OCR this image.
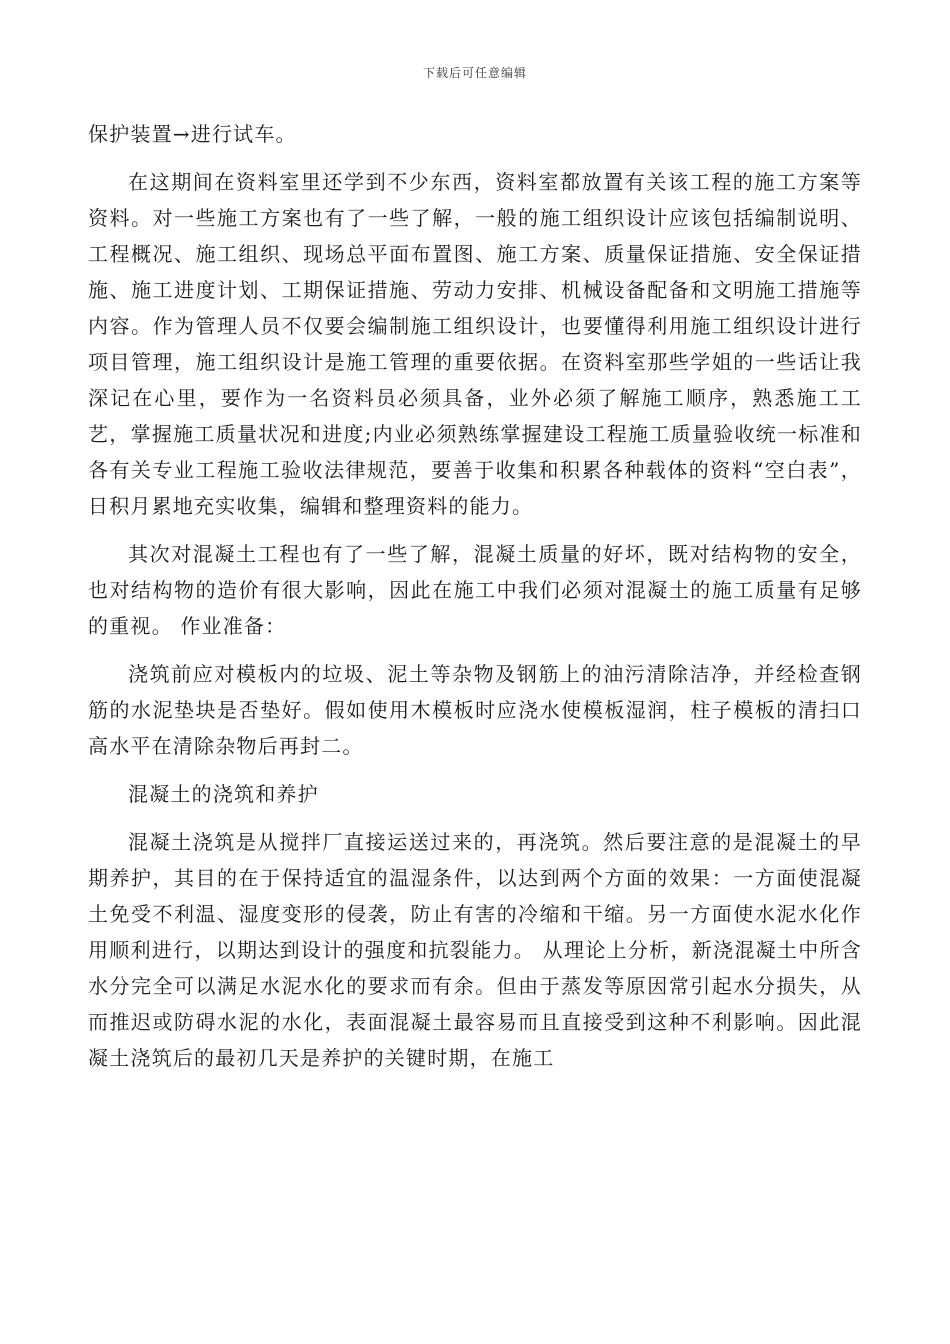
下载后可任意编辑

保护装置→进行试车。

在这期间在资料室里还学到不少东西，资料室都放置有关该工程的施工方案等资料。对一些施工方案也有了一些了解，一般的施工组织设计应该包括编制说明、工程概况、施工组织、现场总平面布置图、施工方案、质量保证措施、安全保证措施、施工进度计划、工期保证措施、劳动力安排、机械设备配备和文明施工措施等内容。作为管理人员不仅要会编制施工组织设计，也要懂得利用施工组织设计进行项目管理，施工组织设计是施工管理的重要依据。在资料室那些学姐的一些话让我深记在心里，要作为一名资料员必须具备，业外必须了解施工顺序，熟悉施工工艺，掌握施工质量状况和进度;内业必须熟练掌握建设工程施工质量验收统一标准和各有关专业工程施工验收法律规范，要善于收集和积累各种载体的资料“空白表”，日积月累地充实收集，编辑和整理资料的能力。

其次对混凝土工程也有了一些了解，混凝土质量的好坏，既对结构物的安全，也对结构物的造价有很大影响，因此在施工中我们必须对混凝土的施工质量有足够的重视。 作业准备：

浇筑前应对模板内的垃圾、泥土等杂物及钢筋上的油污清除洁净，并经检查钢筋的水泥垫块是否垫好。假如使用木模板时应浇水使模板湿润，柱子模板的清扫口高水平在清除杂物后再封二。

混凝土的浇筑和养护

混凝土浇筑是从搅拌厂直接运送过来的，再浇筑。然后要注意的是混凝土的早期养护，其目的在于保持适宜的温湿条件，以达到两个方面的效果：一方面使混凝土免受不利温、湿度变形的侵袭，防止有害的冷缩和干缩。另一方面使水泥水化作用顺利进行，以期达到设计的强度和抗裂能力。 从理论上分析，新浇混凝土中所含水分完全可以满足水泥水化的要求而有余。但由于蒸发等原因常引起水分损失，从而推迟或防碍水泥的水化，表面混凝土最容易而且直接受到这种不利影响。因此混凝土浇筑后的最初几天是养护的关键时期，在施工
